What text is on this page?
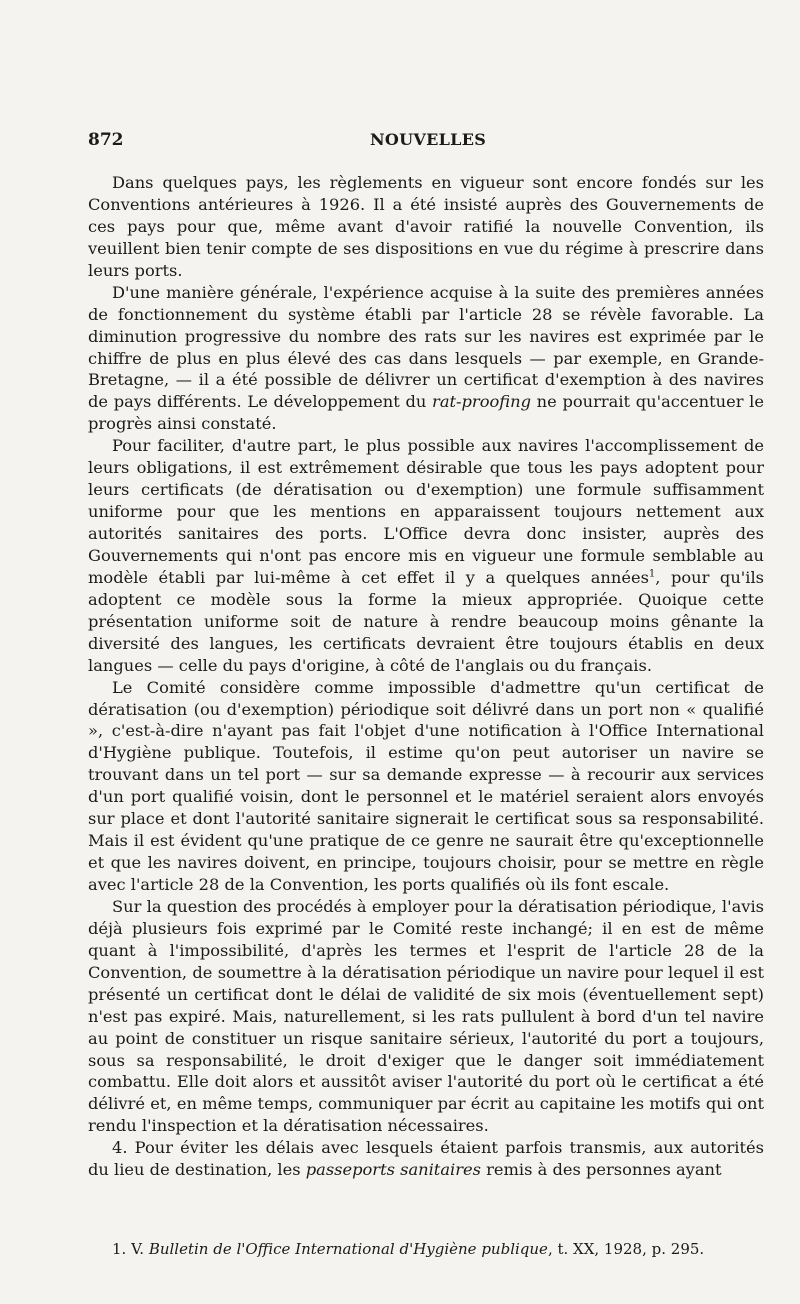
872	NOUVELLES

Dans quelques pays, les règlements en vigueur sont encore fondés sur les Conventions antérieures à 1926. Il a été insisté auprès des Gouvernements de ces pays pour que, même avant d'avoir ratifié la nouvelle Convention, ils veuillent bien tenir compte de ses dispositions en vue du régime à prescrire dans leurs ports.

D'une manière générale, l'expérience acquise à la suite des premières années de fonctionnement du système établi par l'article 28 se révèle favorable. La diminution progressive du nombre des rats sur les navires est exprimée par le chiffre de plus en plus élevé des cas dans lesquels — par exemple, en Grande-Bretagne, — il a été possible de délivrer un certificat d'exemption à des navires de pays différents. Le développement du rat-proofing ne pourrait qu'accentuer le progrès ainsi constaté.

Pour faciliter, d'autre part, le plus possible aux navires l'accomplissement de leurs obligations, il est extrêmement désirable que tous les pays adoptent pour leurs certificats (de dératisation ou d'exemption) une formule suffisamment uniforme pour que les mentions en apparaissent toujours nettement aux autorités sanitaires des ports. L'Office devra donc insister, auprès des Gouvernements qui n'ont pas encore mis en vigueur une formule semblable au modèle établi par lui-même à cet effet il y a quelques années$^1$, pour qu'ils adoptent ce modèle sous la forme la mieux appropriée. Quoique cette présentation uniforme soit de nature à rendre beaucoup moins gênante la diversité des langues, les certificats devraient être toujours établis en deux langues — celle du pays d'origine, à côté de l'anglais ou du français.

Le Comité considère comme impossible d'admettre qu'un certificat de dératisation (ou d'exemption) périodique soit délivré dans un port non « qualifié », c'est-à-dire n'ayant pas fait l'objet d'une notification à l'Office International d'Hygiène publique. Toutefois, il estime qu'on peut autoriser un navire se trouvant dans un tel port — sur sa demande expresse — à recourir aux services d'un port qualifié voisin, dont le personnel et le matériel seraient alors envoyés sur place et dont l'autorité sanitaire signerait le certificat sous sa responsabilité. Mais il est évident qu'une pratique de ce genre ne saurait être qu'exceptionnelle et que les navires doivent, en principe, toujours choisir, pour se mettre en règle avec l'article 28 de la Convention, les ports qualifiés où ils font escale.

Sur la question des procédés à employer pour la dératisation périodique, l'avis déjà plusieurs fois exprimé par le Comité reste inchangé; il en est de même quant à l'impossibilité, d'après les termes et l'esprit de l'article 28 de la Convention, de soumettre à la dératisation périodique un navire pour lequel il est présenté un certificat dont le délai de validité de six mois (éventuellement sept) n'est pas expiré. Mais, naturellement, si les rats pullulent à bord d'un tel navire au point de constituer un risque sanitaire sérieux, l'autorité du port a toujours, sous sa responsabilité, le droit d'exiger que le danger soit immédiatement combattu. Elle doit alors et aussitôt aviser l'autorité du port où le certificat a été délivré et, en même temps, communiquer par écrit au capitaine les motifs qui ont rendu l'inspection et la dératisation nécessaires.

4. Pour éviter les délais avec lesquels étaient parfois transmis, aux autorités du lieu de destination, les passeports sanitaires remis à des personnes ayant

1. V. Bulletin de l'Office International d'Hygiène publique, t. XX, 1928, p. 295.
